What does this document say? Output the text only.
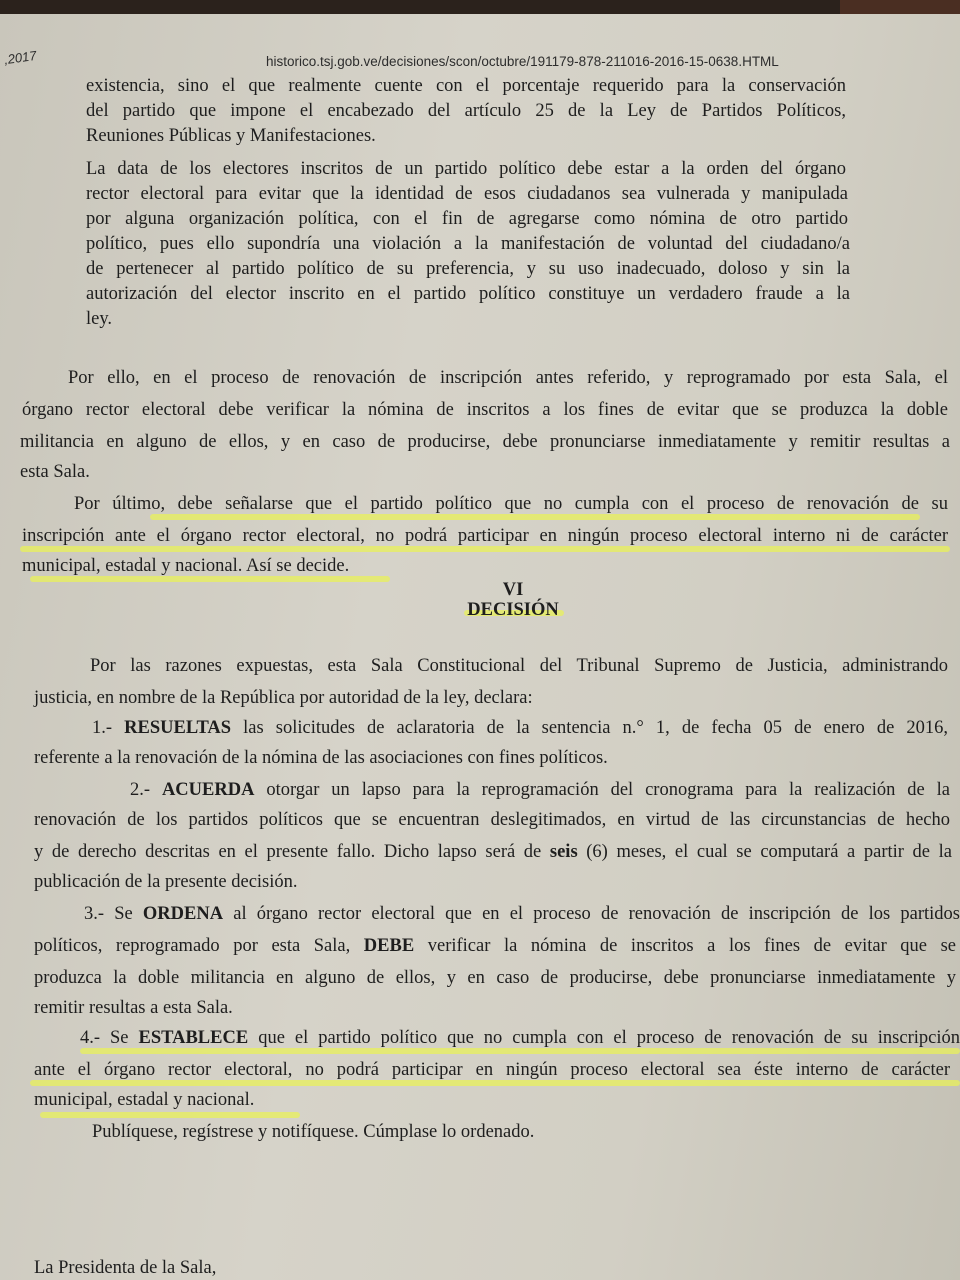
,2017	historico.tsj.gob.ve/decisiones/scon/octubre/191179-878-211016-2016-15-0638.HTML
existencia, sino el que realmente cuente con el porcentaje requerido para la conservación
del partido que impone el encabezado del artículo 25 de la Ley de Partidos Políticos,
Reuniones Públicas y Manifestaciones.
La data de los electores inscritos de un partido político debe estar a la orden del órgano
rector electoral para evitar que la identidad de esos ciudadanos sea vulnerada y manipulada
por alguna organización política, con el fin de agregarse como nómina de otro partido
político, pues ello supondría una violación a la manifestación de voluntad del ciudadano/a
de pertenecer al partido político de su preferencia, y su uso inadecuado, doloso y sin la
autorización del elector inscrito en el partido político constituye un verdadero fraude a la
ley.
Por ello, en el proceso de renovación de inscripción antes referido, y reprogramado por esta Sala, el
órgano rector electoral debe verificar la nómina de inscritos a los fines de evitar que se produzca la doble
militancia en alguno de ellos, y en caso de producirse, debe pronunciarse inmediatamente y remitir resultas a
esta Sala.
Por último, debe señalarse que el partido político que no cumpla con el proceso de renovación de su
inscripción ante el órgano rector electoral, no podrá participar en ningún proceso electoral interno ni de carácter
municipal, estadal y nacional. Así se decide.
VI
DECISIÓN
Por las razones expuestas, esta Sala Constitucional del Tribunal Supremo de Justicia, administrando
justicia, en nombre de la República por autoridad de la ley, declara:
1.- RESUELTAS las solicitudes de aclaratoria de la sentencia n.° 1, de fecha 05 de enero de 2016,
referente a la renovación de la nómina de las asociaciones con fines políticos.
2.- ACUERDA otorgar un lapso para la reprogramación del cronograma para la realización de la
renovación de los partidos políticos que se encuentran deslegitimados, en virtud de las circunstancias de hecho
y de derecho descritas en el presente fallo. Dicho lapso será de seis (6) meses, el cual se computará a partir de la
publicación de la presente decisión.
3.- Se ORDENA al órgano rector electoral que en el proceso de renovación de inscripción de los partidos
políticos, reprogramado por esta Sala, DEBE verificar la nómina de inscritos a los fines de evitar que se
produzca la doble militancia en alguno de ellos, y en caso de producirse, debe pronunciarse inmediatamente y
remitir resultas a esta Sala.
4.- Se ESTABLECE que el partido político que no cumpla con el proceso de renovación de su inscripción
ante el órgano rector electoral, no podrá participar en ningún proceso electoral sea éste interno de carácter
municipal, estadal y nacional.
Publíquese, regístrese y notifíquese. Cúmplase lo ordenado.
La Presidenta de la Sala,
